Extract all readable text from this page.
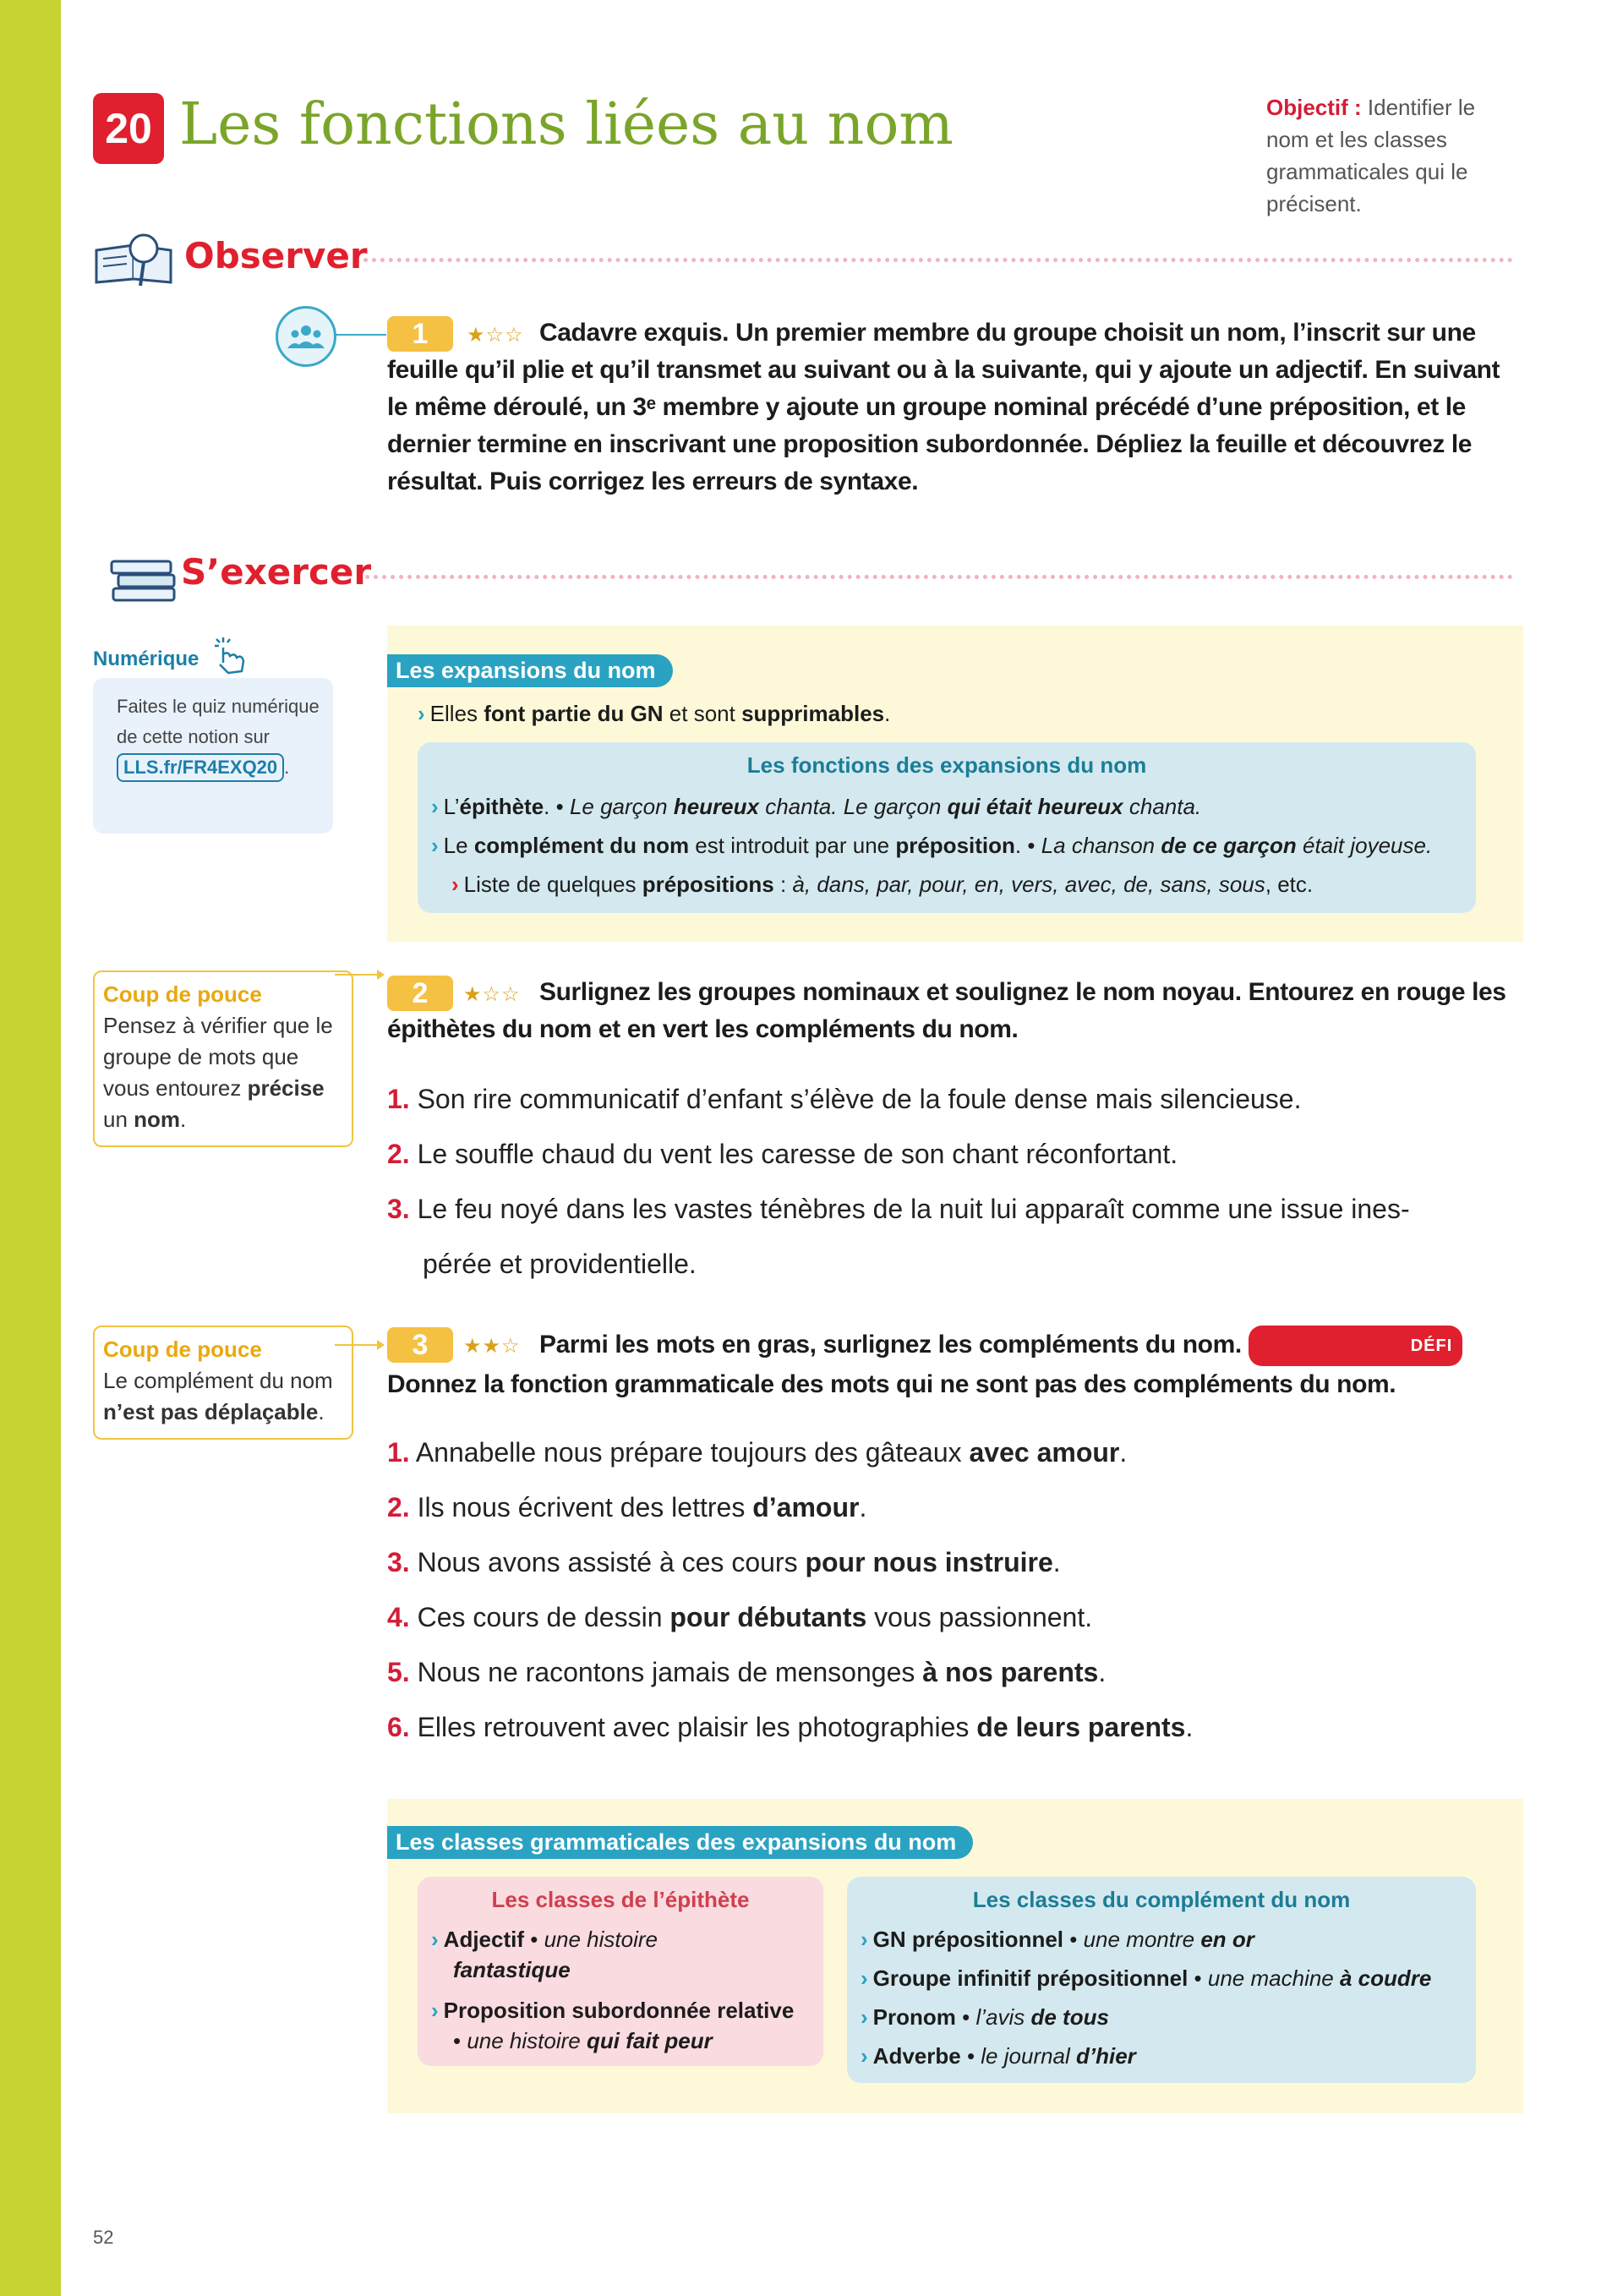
20 Les fonctions liées au nom	Objectif : Identifier le nom et les classes grammaticales qui le précisent.
Observer
1	★☆☆ Cadavre exquis. Un premier membre du groupe choisit un nom, l’inscrit sur une feuille qu’il plie et qu’il transmet au suivant ou à la suivante, qui y ajoute un adjectif. En suivant le même déroulé, un 3ᵉ membre y ajoute un groupe nominal précédé d’une préposition, et le dernier termine en inscrivant une proposition subordonnée. Dépliez la feuille et découvrez le résultat. Puis corrigez les erreurs de syntaxe.

S’exercer
Numérique
Faites le quiz numérique de cette notion sur LLS.fr/FR4EXQ20 .
Les expansions du nom
› Elles font partie du GN et sont supprimables.
Les fonctions des expansions du nom
› L’épithète. • Le garçon heureux chanta. Le garçon qui était heureux chanta.
› Le complément du nom est introduit par une préposition. • La chanson de ce garçon était joyeuse.
› Liste de quelques prépositions : à, dans, par, pour, en, vers, avec, de, sans, sous, etc.
Coup de pouce
Pensez à vérifier que le groupe de mots que vous entourez précise un nom.
2	★☆☆ Surlignez les groupes nominaux et soulignez le nom noyau. Entourez en rouge les épithètes du nom et en vert les compléments du nom.

1. Son rire communicatif d’enfant s’élève de la foule dense mais silencieuse.
2. Le souffle chaud du vent les caresse de son chant réconfortant.
3. Le feu noyé dans les vastes ténèbres de la nuit lui apparaît comme une issue ines-
pérée et providentielle.
Coup de pouce
Le complément du nom n’est pas déplaçable.
3	★★☆ Parmi les mots en gras, surlignez les compléments du nom.	DÉFI Donnez la fonction grammaticale des mots qui ne sont pas des compléments du nom.

1. Annabelle nous prépare toujours des gâteaux avec amour.
2. Ils nous écrivent des lettres d’amour.
3. Nous avons assisté à ces cours pour nous instruire.
4. Ces cours de dessin pour débutants vous passionnent.
5. Nous ne racontons jamais de mensonges à nos parents.
6. Elles retrouvent avec plaisir les photographies de leurs parents.
Les classes grammaticales des expansions du nom
Les classes de l’épithète
› Adjectif • une histoire
fantastique
› Proposition subordonnée relative
• une histoire qui fait peur
Les classes du complément du nom
› GN prépositionnel • une montre en or
› Groupe infinitif prépositionnel • une machine à coudre
› Pronom • l’avis de tous
› Adverbe • le journal d’hier
52
